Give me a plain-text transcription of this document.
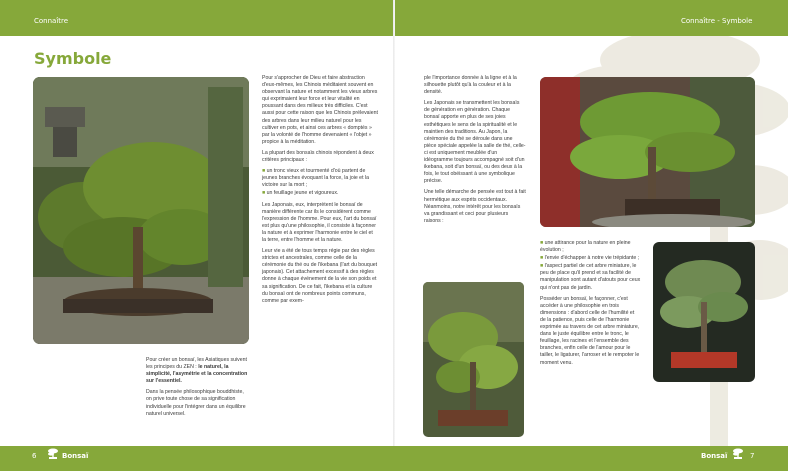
Connaître	Connaître - Symbole
Symbole

Pour créer un bonsaï, les Asiatiques suivent les principes du ZEN : le naturel, la simplicité, l'asymétrie et la concentration sur l'essentiel.

Dans la pensée philosophique bouddhiste, on prive toute chose de sa signification individuelle pour l'intégrer dans un équilibre naturel universel.

Pour s'approcher de Dieu et faire abstraction d'eux-mêmes, les Chinois méditaient souvent en observant la nature et notamment les vieux arbres qui exprimaient leur force et leur vitalité en poussant dans des milieux très difficiles. C'est aussi pour cette raison que les Chinois prélevaient des arbres dans leur milieu naturel pour les cultiver en pots, et ainsi ces arbres « domptés » par la volonté de l'homme devenaient « l'objet » propice à la méditation.

La plupart des bonsaïs chinois répondent à deux critères principaux :

■ un tronc vieux et tourmenté d'où partent de jeunes branches évoquant la force, la joie et la victoire sur la mort ;

■ un feuillage jeune et vigoureux.

Les Japonais, eux, interprètent le bonsaï de manière différente car ils le considèrent comme l'expression de l'homme. Pour eux, l'art du bonsaï est plus qu'une philosophie, il consiste à façonner la nature et à exprimer l'harmonie entre le ciel et la terre, entre l'homme et la nature.

Leur vie a été de tous temps régie par des règles strictes et ancestrales, comme celle de la cérémonie du thé ou de l'ikebana (l'art du bouquet japonais). Cet attachement excessif à des règles donne à chaque événement de la vie son poids et sa signification. De ce fait, l'ikebana et la culture du bonsaï ont de nombreux points communs, comme par exem-

ple l'importance donnée à la ligne et à la silhouette plutôt qu'à la couleur et à la densité.

Les Japonais se transmettent les bonsaïs de génération en génération. Chaque bonsaï apporte en plus de ses joies esthétiques le sens de la spiritualité et le maintien des traditions. Au Japon, la cérémonie du thé se déroule dans une pièce spéciale appelée la salle de thé, celle-ci est uniquement meublée d'un idéogramme toujours accompagné soit d'un ikebana, soit d'un bonsaï, ou des deux à la fois, le tout obéissant à une symbolique précise.

Une telle démarche de pensée est tout à fait hermétique aux esprits occidentaux. Néanmoins, notre intérêt pour les bonsaïs va grandissant et ceci pour plusieurs raisons :

■ une attirance pour la nature en pleine évolution ;

■ l'envie d'échapper à notre vie trépidante ;

■ l'aspect partiel de cet arbre miniature, le peu de place qu'il prend et sa facilité de manipulation sont autant d'atouts pour ceux qui n'ont pas de jardin.

Posséder un bonsaï, le façonner, c'est accéder à une philosophie en trois dimensions : d'abord celle de l'humilité et de la patience, puis celle de l'harmonie exprimée au travers de cet arbre miniature, dans le juste équilibre entre le tronc, le feuillage, les racines et l'ensemble des branches, enfin celle de l'amour pour le tailler, le ligaturer, l'arroser et le rempoter le moment venu.

6	Bonsaï	Bonsaï	7
